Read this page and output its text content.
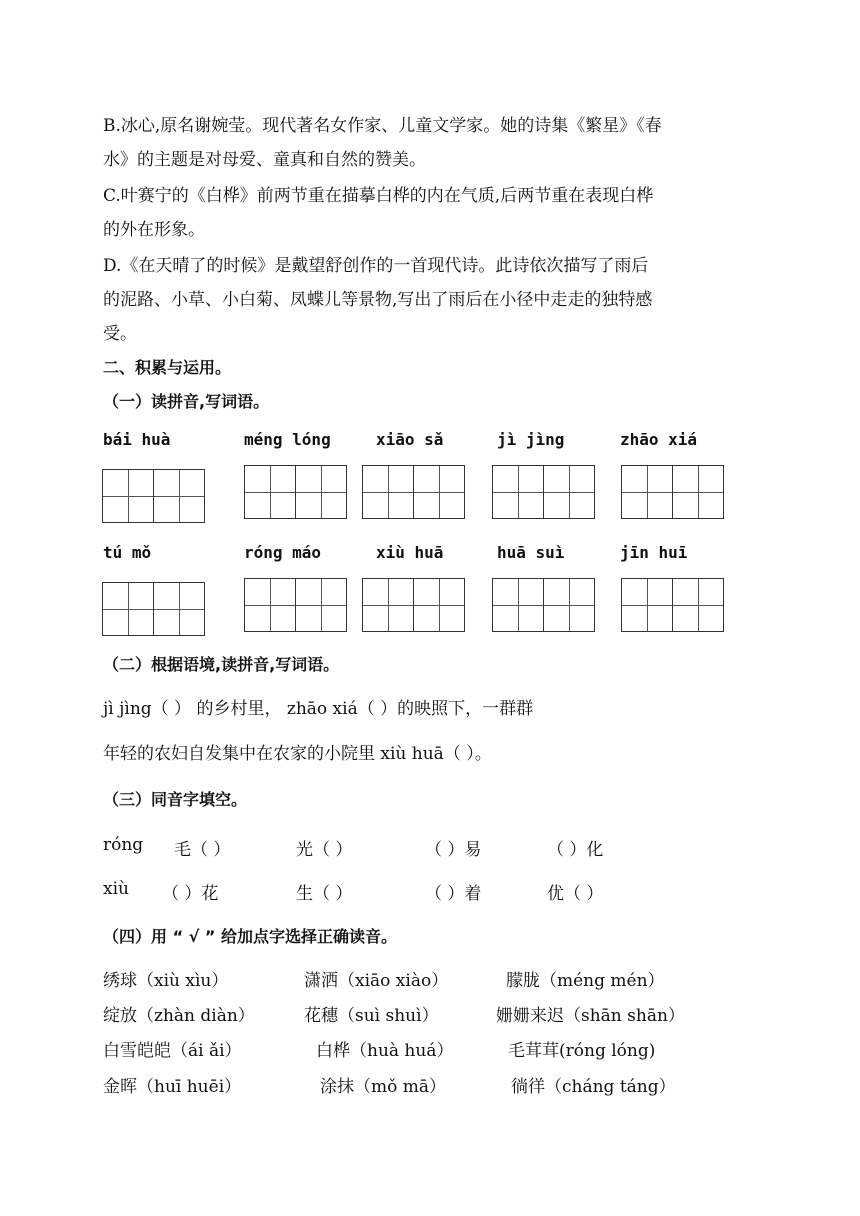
B.冰心,原名谢婉莹。现代著名女作家、儿童文学家。她的诗集《繁星》《春
水》的主题是对母爱、童真和自然的赞美。
C.叶赛宁的《白桦》前两节重在描摹白桦的内在气质,后两节重在表现白桦
的外在形象。
D.《在天晴了的时候》是戴望舒创作的一首现代诗。此诗依次描写了雨后
的泥路、小草、小白菊、凤蝶儿等景物,写出了雨后在小径中走走的独特感
受。
二、积累与运用。
（一）读拼音,写词语。
bái huà	méng lóng	xiāo sǎ	jì jìng	zhāo xiá
tú mǒ	róng máo	xiù huā	huā suì	jīn huī
（二）根据语境,读拼音,写词语。
jì jìng（ ） 的乡村里， zhāo xiá（ ）的映照下，一群群
年轻的农妇自发集中在农家的小院里 xiù huā（ ）。
（三）同音字填空。
róng 毛（ ）	光（ ）	（ ）易	（ ）化
xiù （ ）花	生（ ）	（ ）着	优（ ）
（四）用 “ √ ” 给加点字选择正确读音。
绣球（xiù xìu）	潇洒（xiāo xiào）	朦胧（méng mén）
绽放（zhàn diàn）	花穗（suì shuì）	姗姗来迟（shān shān）
白雪皑皑（ái ǎi）	白桦（huà huá）	毛茸茸(róng lóng)
金晖（huī huēi）	涂抹（mǒ mā）	徜徉（cháng táng）
